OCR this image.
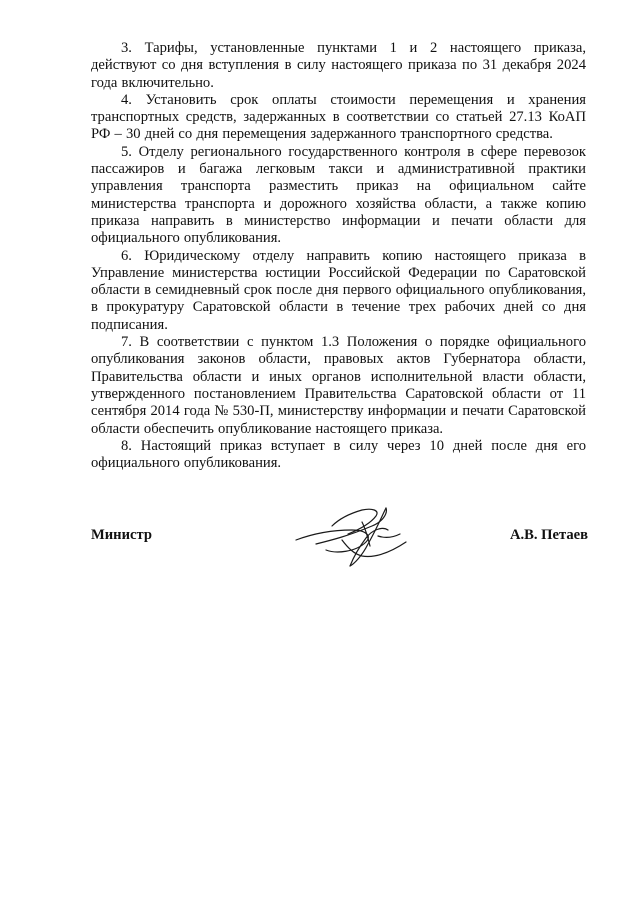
3. Тарифы, установленные пунктами 1 и 2 настоящего приказа, действуют со дня вступления в силу настоящего приказа по 31 декабря 2024 года включительно.

4. Установить срок оплаты стоимости перемещения и хранения транспортных средств, задержанных в соответствии со статьей 27.13 КоАП РФ – 30 дней со дня перемещения задержанного транспортного средства.

5. Отделу регионального государственного контроля в сфере перевозок пассажиров и багажа легковым такси и административной практики управления транспорта разместить приказ на официальном сайте министерства транспорта и дорожного хозяйства области, а также копию приказа направить в министерство информации и печати области для официального опубликования.

6. Юридическому отделу направить копию настоящего приказа в Управление министерства юстиции Российской Федерации по Саратовской области в семидневный срок после дня первого официального опубликования, в прокуратуру Саратовской области в течение трех рабочих дней со дня подписания.

7. В соответствии с пунктом 1.3 Положения о порядке официального опубликования законов области, правовых актов Губернатора области, Правительства области и иных органов исполнительной власти области, утвержденного постановлением Правительства Саратовской области от 11 сентября 2014 года № 530-П, министерству информации и печати Саратовской области обеспечить опубликование настоящего приказа.

8. Настоящий приказ вступает в силу через 10 дней после дня его официального опубликования.

Министр	А.В. Петаев
